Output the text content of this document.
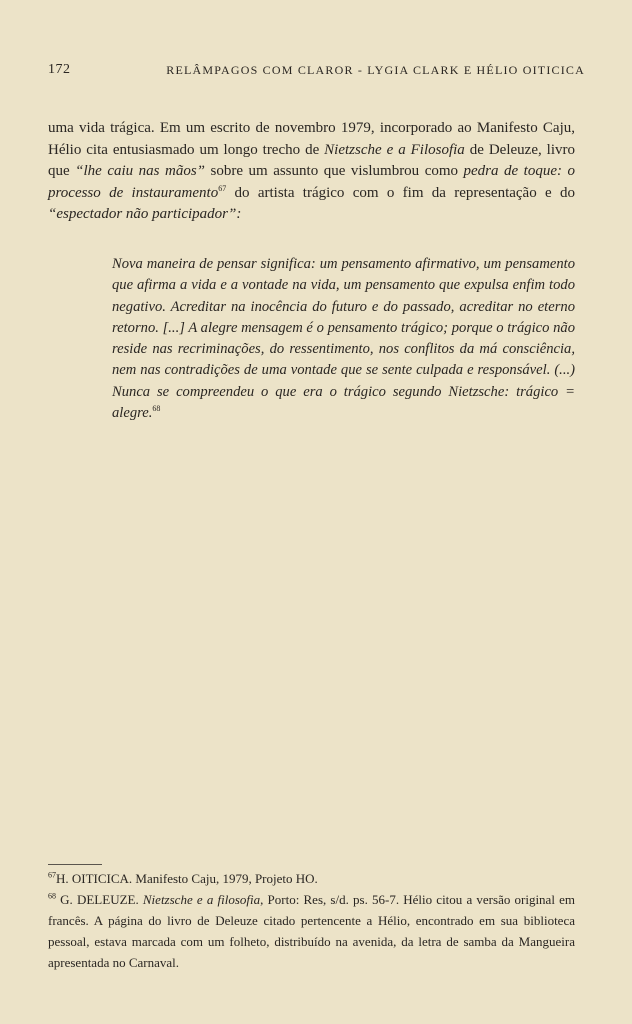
172	RELÂMPAGOS COM CLAROR - LYGIA CLARK E HÉLIO OITICICA
uma vida trágica. Em um escrito de novembro 1979, incorporado ao Manifesto Caju, Hélio cita entusiasmado um longo trecho de Nietzsche e a Filosofia de Deleuze, livro que “lhe caiu nas mãos” sobre um assunto que vislumbrou como pedra de toque: o processo de instauramento$^{67}$ do artista trágico com o fim da representação e do “espectador não participador”:
Nova maneira de pensar significa: um pensamento afirmativo, um pensamento que afirma a vida e a vontade na vida, um pensamento que expulsa enfim todo negativo. Acreditar na inocência do futuro e do passado, acreditar no eterno retorno. [...] A alegre mensagem é o pensamento trágico; porque o trágico não reside nas recriminações, do ressentimento, nos conflitos da má consciência, nem nas contradições de uma vontade que se sente culpada e responsável. (...) Nunca se compreendeu o que era o trágico segundo Nietzsche: trágico = alegre.$^{68}$

$^{67}$H. OITICICA. Manifesto Caju, 1979, Projeto HO.

$^{68}$ G. DELEUZE. Nietzsche e a filosofia, Porto: Res, s/d. ps. 56-7. Hélio citou a versão original em francês. A página do livro de Deleuze citado pertencente a Hélio, encontrado em sua biblioteca pessoal, estava marcada com um folheto, distribuído na avenida, da letra de samba da Mangueira apresentada no Carnaval.
